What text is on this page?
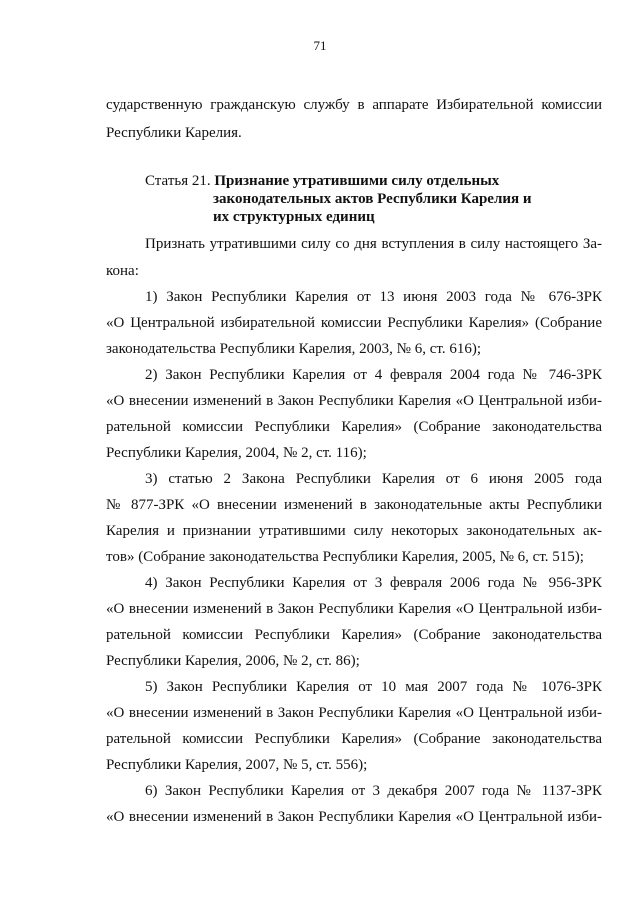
71
сударственную гражданскую службу в аппарате Избирательной комиссии
Республики Карелия.
Статья 21. Признание утратившими силу отдельных
законодательных актов Республики Карелия и
их структурных единиц
Признать утратившими силу со дня вступления в силу настоящего За-
кона:
1) Закон Республики Карелия от 13 июня 2003 года № 676-ЗРК
«О Центральной избирательной комиссии Республики Карелия» (Собрание
законодательства Республики Карелия, 2003, № 6, ст. 616);
2) Закон Республики Карелия от 4 февраля 2004 года № 746-ЗРК
«О внесении изменений в Закон Республики Карелия «О Центральной изби-
рательной комиссии Республики Карелия» (Собрание законодательства
Республики Карелия, 2004, № 2, ст. 116);
3) статью 2 Закона Республики Карелия от 6 июня 2005 года
№ 877-ЗРК «О внесении изменений в законодательные акты Республики
Карелия и признании утратившими силу некоторых законодательных ак-
тов» (Собрание законодательства Республики Карелия, 2005, № 6, ст. 515);
4) Закон Республики Карелия от 3 февраля 2006 года № 956-ЗРК
«О внесении изменений в Закон Республики Карелия «О Центральной изби-
рательной комиссии Республики Карелия» (Собрание законодательства
Республики Карелия, 2006, № 2, ст. 86);
5) Закон Республики Карелия от 10 мая 2007 года № 1076-ЗРК
«О внесении изменений в Закон Республики Карелия «О Центральной изби-
рательной комиссии Республики Карелия» (Собрание законодательства
Республики Карелия, 2007, № 5, ст. 556);
6) Закон Республики Карелия от 3 декабря 2007 года № 1137-ЗРК
«О внесении изменений в Закон Республики Карелия «О Центральной изби-
